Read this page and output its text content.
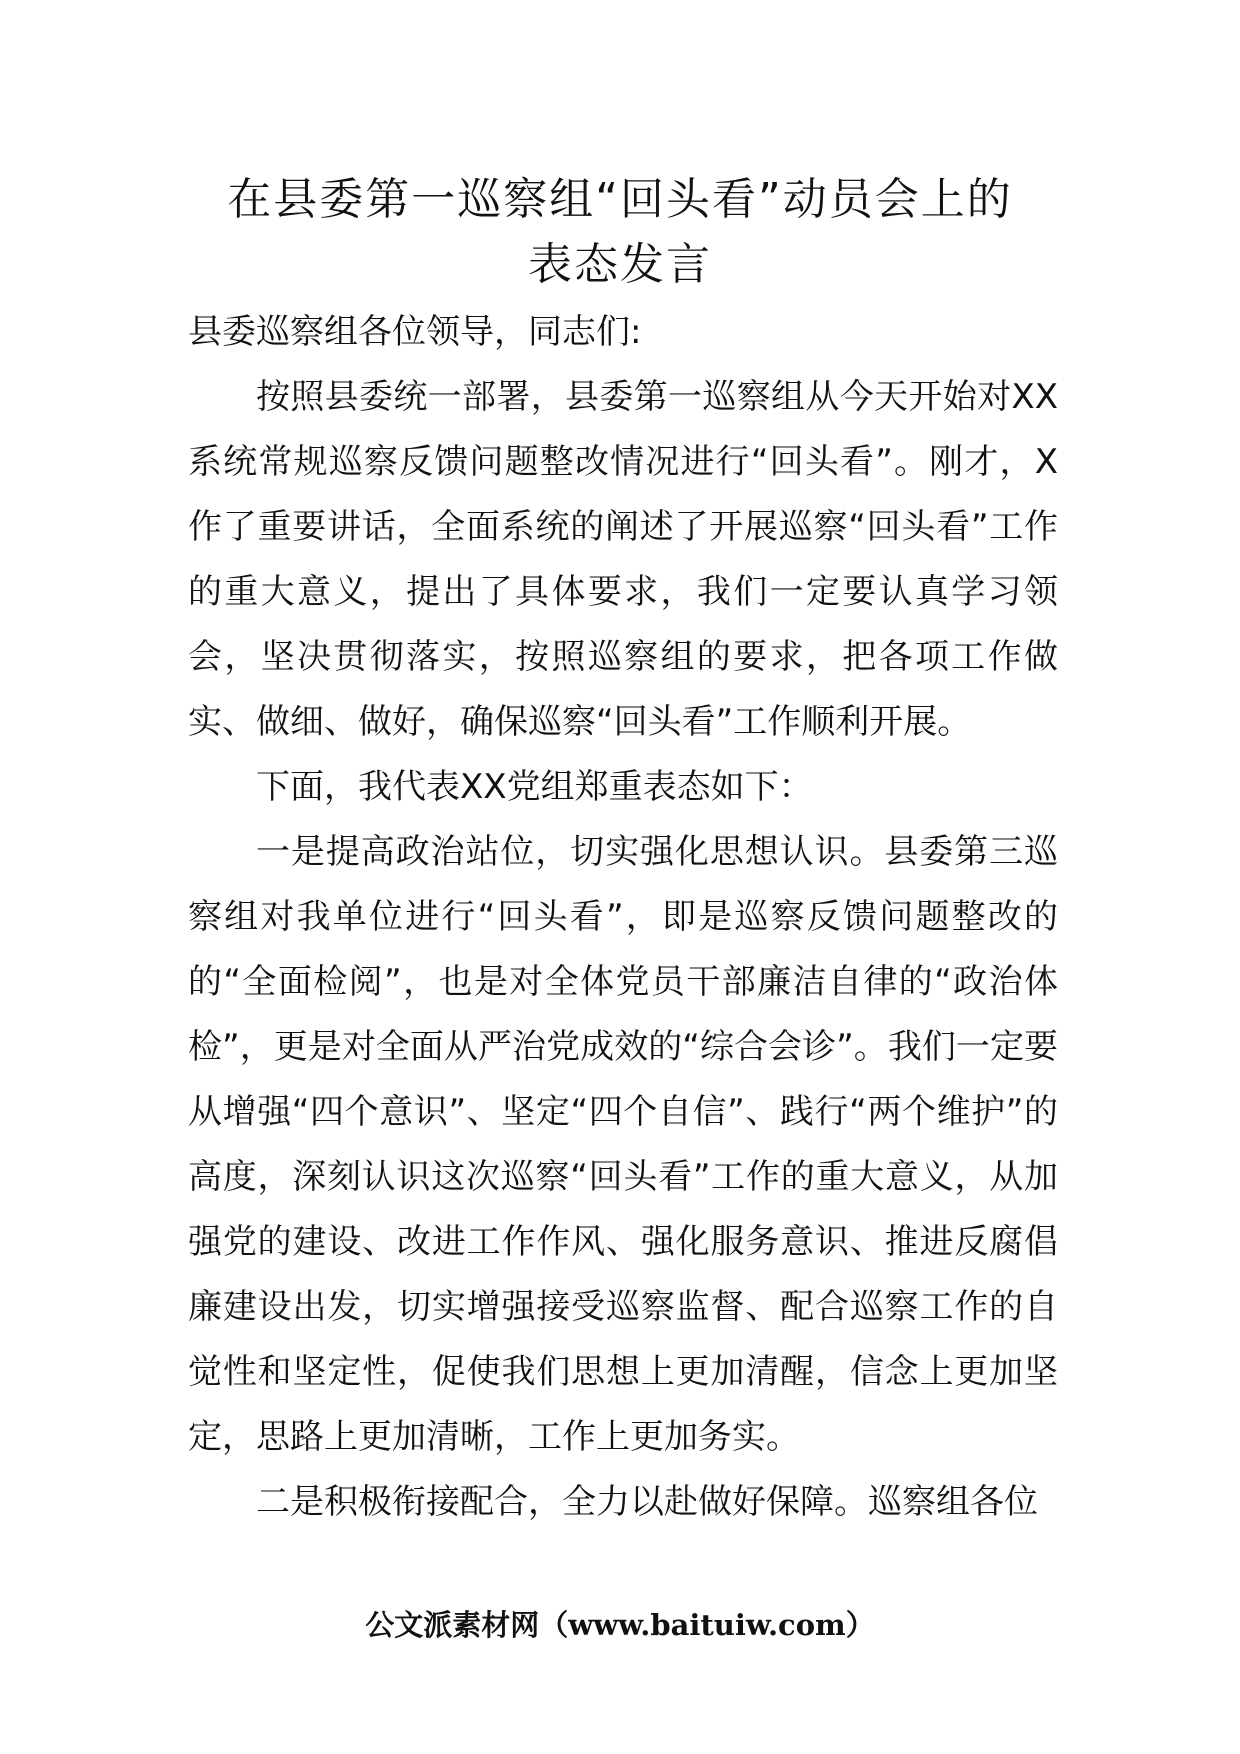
在县委第一巡察组“回头看”动员会上的
表态发言

县委巡察组各位领导，同志们:

按照县委统一部署，县委第一巡察组从今天开始对XX系统常规巡察反馈问题整改情况进行“回头看”。刚才，X作了重要讲话，全面系统的阐述了开展巡察“回头看”工作的重大意义，提出了具体要求，我们一定要认真学习领会，坚决贯彻落实，按照巡察组的要求，把各项工作做实、做细、做好，确保巡察“回头看”工作顺利开展。

下面，我代表XX党组郑重表态如下：

一是提高政治站位，切实强化思想认识。县委第三巡察组对我单位进行“回头看”，即是巡察反馈问题整改的的“全面检阅”，也是对全体党员干部廉洁自律的“政治体检”，更是对全面从严治党成效的“综合会诊”。我们一定要从增强“四个意识”、坚定“四个自信”、践行“两个维护”的高度，深刻认识这次巡察“回头看”工作的重大意义，从加强党的建设、改进工作作风、强化服务意识、推进反腐倡廉建设出发，切实增强接受巡察监督、配合巡察工作的自觉性和坚定性，促使我们思想上更加清醒，信念上更加坚定，思路上更加清晰，工作上更加务实。

二是积极衔接配合，全力以赴做好保障。巡察组各位

公文派素材网（www.baituiw.com）
